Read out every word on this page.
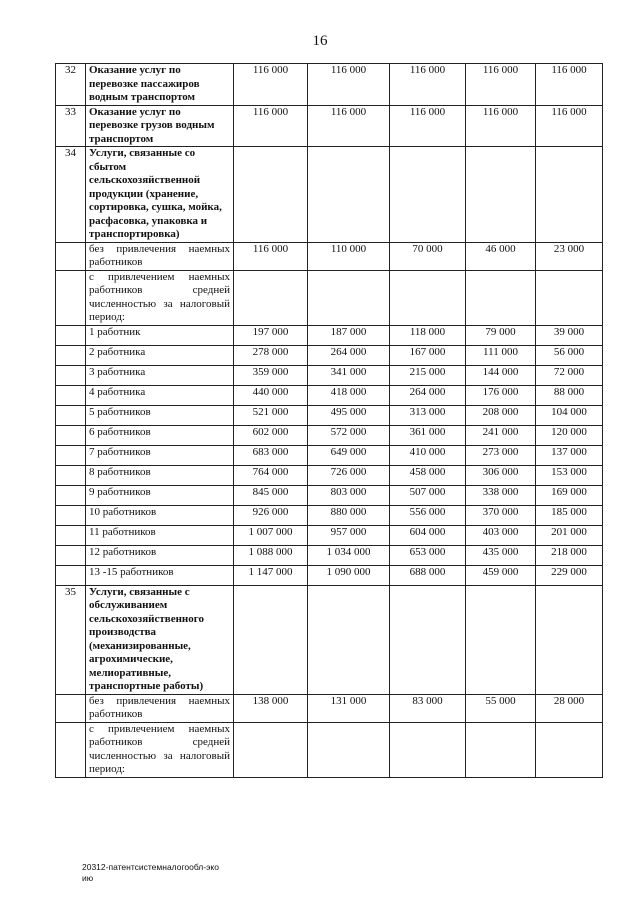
16
32	Оказание услуг по перевозке пассажиров водным транспортом	116 000	116 000	116 000	116 000	116 000
33	Оказание услуг по перевозке грузов водным транспортом	116 000	116 000	116 000	116 000	116 000
34	Услуги, связанные со сбытом сельскохозяйственной продукции (хранение, сортировка, сушка, мойка, расфасовка, упаковка и транспортировка)					
	без привлечения наемных работников	116 000	110 000	70 000	46 000	23 000
	с привлечением наемных работников средней численностью за налоговый период:					
	1 работник	197 000	187 000	118 000	79 000	39 000
	2 работника	278 000	264 000	167 000	111 000	56 000
	3 работника	359 000	341 000	215 000	144 000	72 000
	4 работника	440 000	418 000	264 000	176 000	88 000
	5 работников	521 000	495 000	313 000	208 000	104 000
	6 работников	602 000	572 000	361 000	241 000	120 000
	7 работников	683 000	649 000	410 000	273 000	137 000
	8 работников	764 000	726 000	458 000	306 000	153 000
	9 работников	845 000	803 000	507 000	338 000	169 000
	10 работников	926 000	880 000	556 000	370 000	185 000
	11 работников	1 007 000	957 000	604 000	403 000	201 000
	12 работников	1 088 000	1 034 000	653 000	435 000	218 000
	13 -15 работников	1 147 000	1 090 000	688 000	459 000	229 000
35	Услуги, связанные с обслуживанием сельскохозяйственного производства (механизированные, агрохимические, мелиоративные, транспортные работы)					
	без привлечения наемных работников	138 000	131 000	83 000	55 000	28 000
	с привлечением наемных работников средней численностью за налоговый период:					
20312-патентсистемналогообл-эко
ию
